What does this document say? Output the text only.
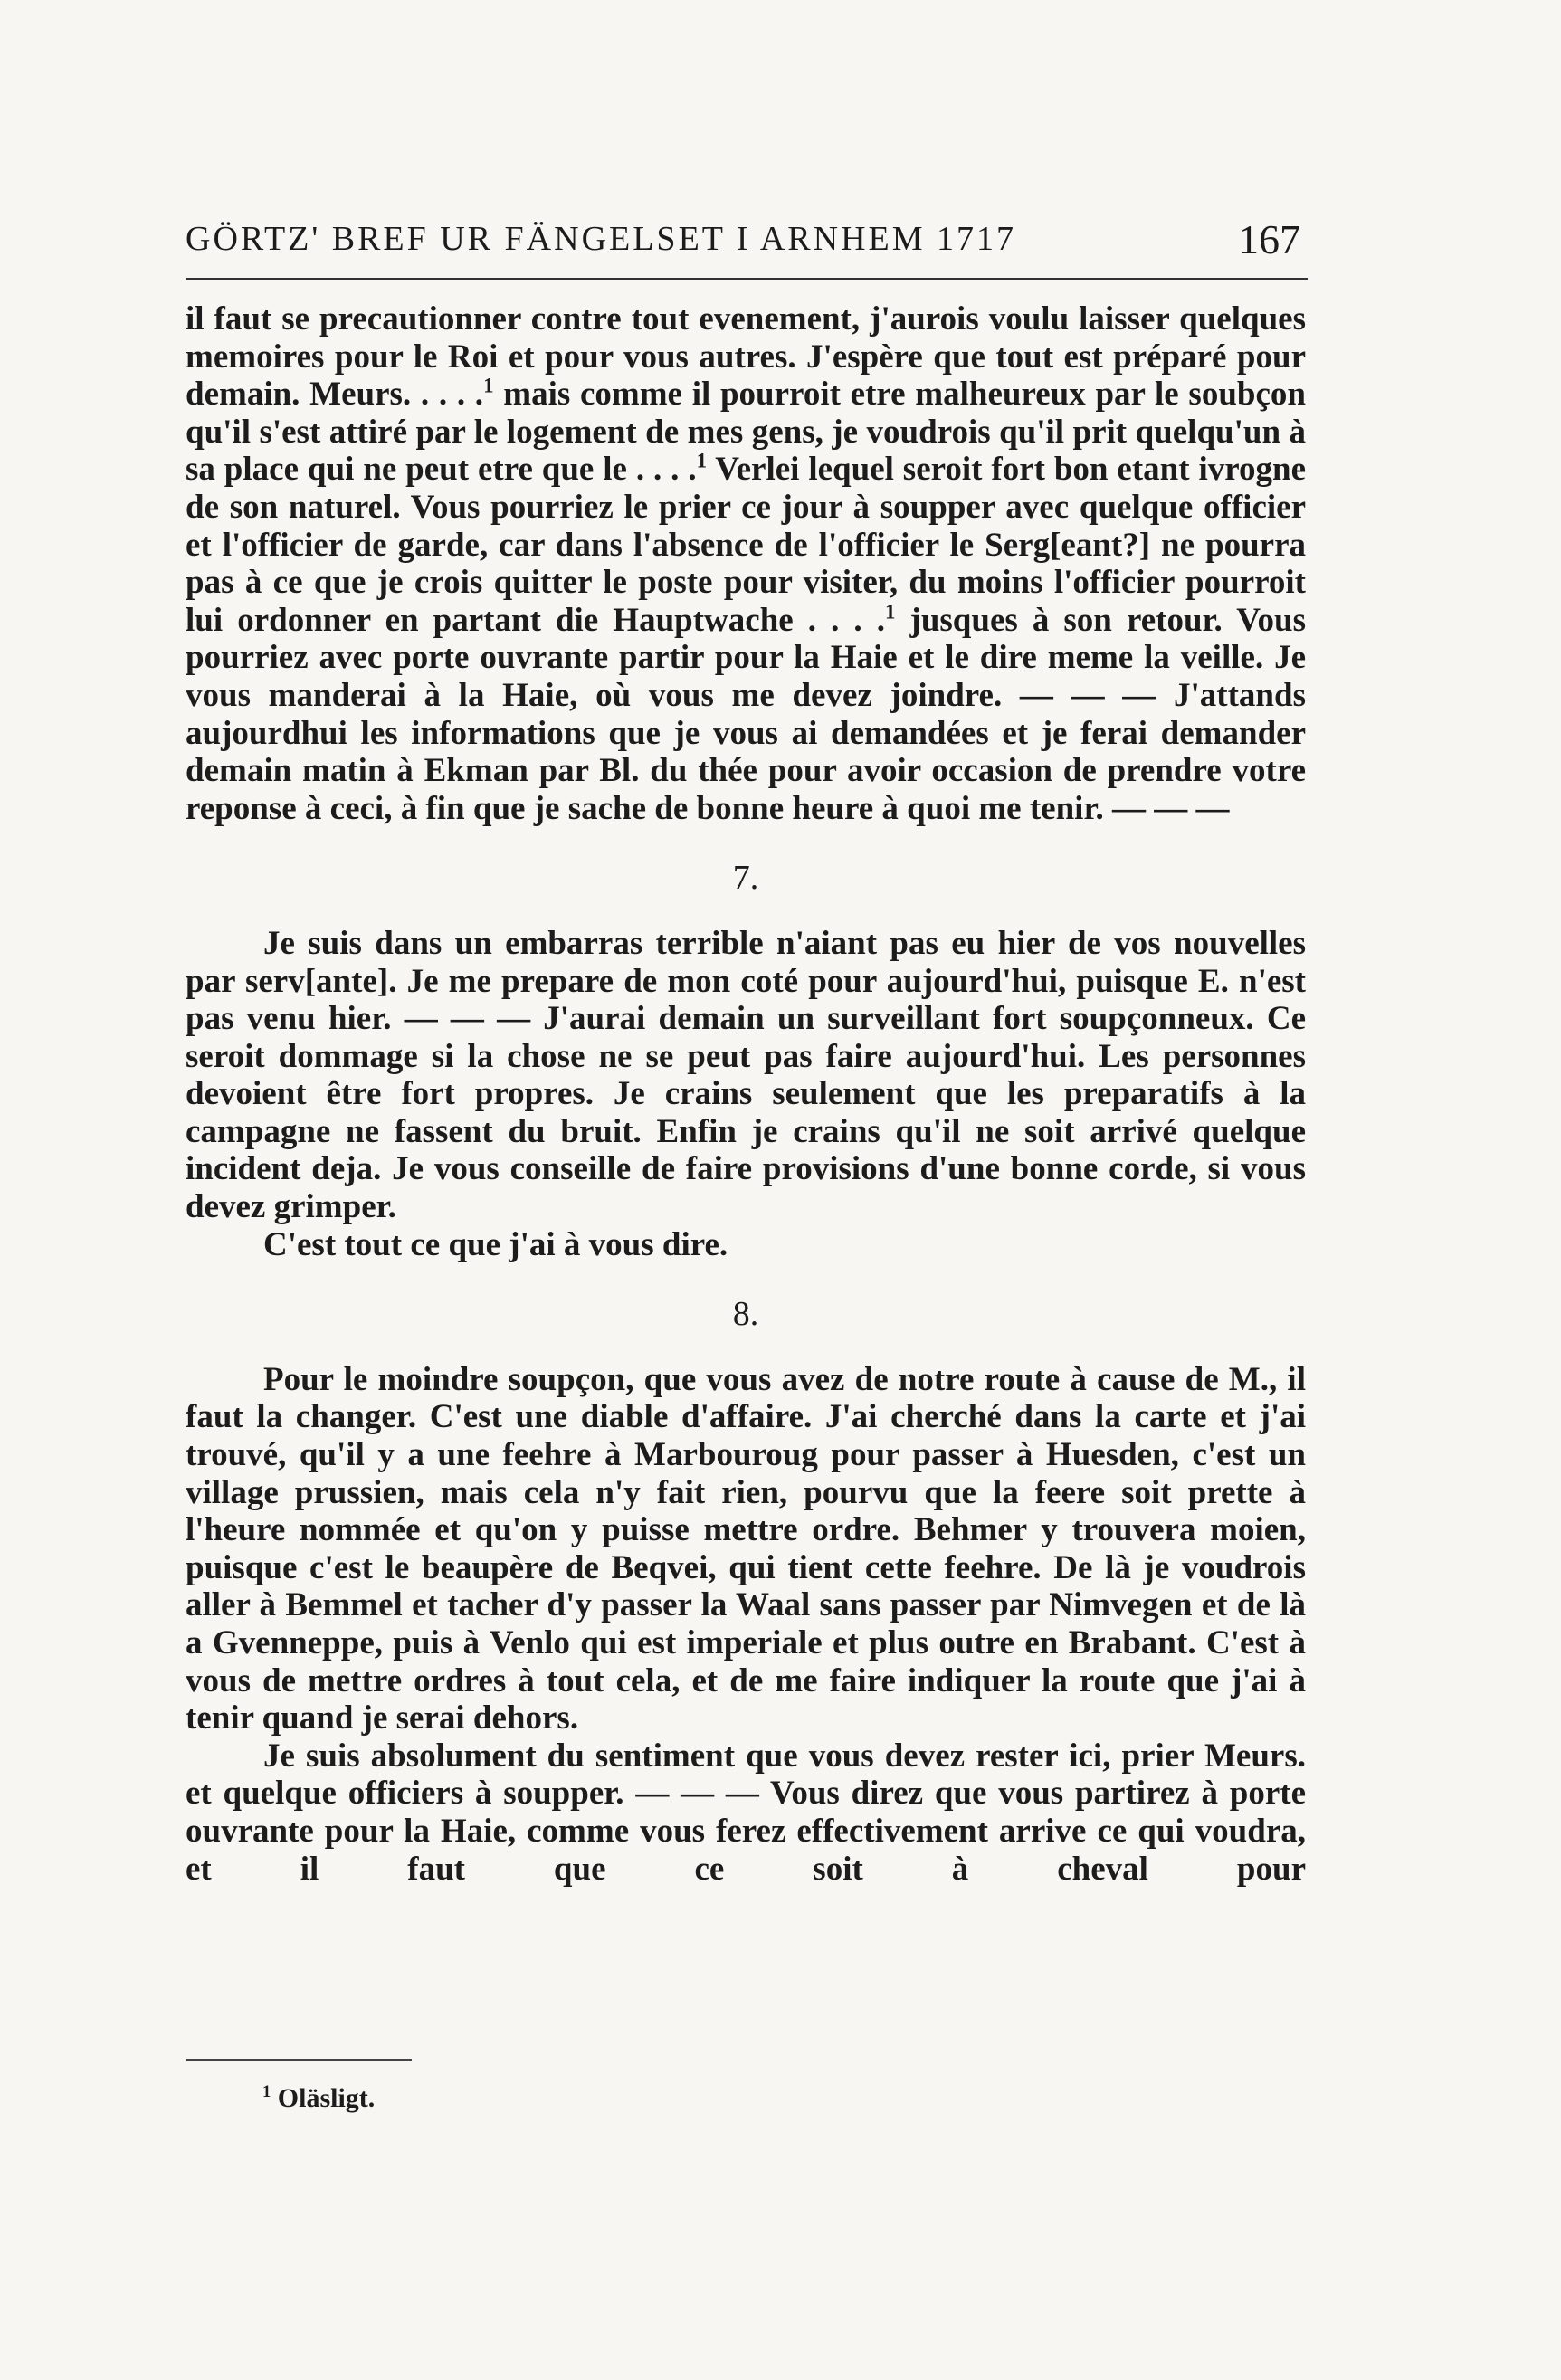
GÖRTZ' BREF UR FÄNGELSET I ARNHEM 1717	167

il faut se precautionner contre tout evenement, j'aurois voulu laisser quelques memoires pour le Roi et pour vous autres. J'espère que tout est préparé pour demain. Meurs. . . . .$^1$ mais comme il pourroit etre malheureux par le soubçon qu'il s'est attiré par le logement de mes gens, je voudrois qu'il prit quelqu'un à sa place qui ne peut etre que le . . . .$^1$ Verlei lequel seroit fort bon etant ivrogne de son naturel. Vous pourriez le prier ce jour à soupper avec quelque officier et l'officier de garde, car dans l'absence de l'officier le Serg[eant?] ne pourra pas à ce que je crois quitter le poste pour visiter, du moins l'officier pourroit lui ordonner en partant die Hauptwache . . . .$^1$ jusques à son retour. Vous pourriez avec porte ouvrante partir pour la Haie et le dire meme la veille. Je vous manderai à la Haie, où vous me devez joindre. — — — J'attands aujourdhui les informations que je vous ai demandées et je ferai demander demain matin à Ekman par Bl. du thée pour avoir occasion de prendre votre reponse à ceci, à fin que je sache de bonne heure à quoi me tenir. — — —

7.

Je suis dans un embarras terrible n'aiant pas eu hier de vos nouvelles par serv[ante]. Je me prepare de mon coté pour aujourd'hui, puisque E. n'est pas venu hier. — — — J'aurai demain un surveillant fort soupçonneux. Ce seroit dommage si la chose ne se peut pas faire aujourd'hui. Les personnes devoient être fort propres. Je crains seulement que les preparatifs à la campagne ne fassent du bruit. Enfin je crains qu'il ne soit arrivé quelque incident deja. Je vous conseille de faire provisions d'une bonne corde, si vous devez grimper.

C'est tout ce que j'ai à vous dire.

8.

Pour le moindre soupçon, que vous avez de notre route à cause de M., il faut la changer. C'est une diable d'affaire. J'ai cherché dans la carte et j'ai trouvé, qu'il y a une feehre à Marbouroug pour passer à Huesden, c'est un village prussien, mais cela n'y fait rien, pourvu que la feere soit prette à l'heure nommée et qu'on y puisse mettre ordre. Behmer y trouvera moien, puisque c'est le beaupère de Beqvei, qui tient cette feehre. De là je voudrois aller à Bemmel et tacher d'y passer la Waal sans passer par Nimvegen et de là a Gvenneppe, puis à Venlo qui est imperiale et plus outre en Brabant. C'est à vous de mettre ordres à tout cela, et de me faire indiquer la route que j'ai à tenir quand je serai dehors.

Je suis absolument du sentiment que vous devez rester ici, prier Meurs. et quelque officiers à soupper. — — — Vous direz que vous partirez à porte ouvrante pour la Haie, comme vous ferez effectivement arrive ce qui voudra, et il faut que ce soit à cheval pour

$^1$ Oläsligt.
